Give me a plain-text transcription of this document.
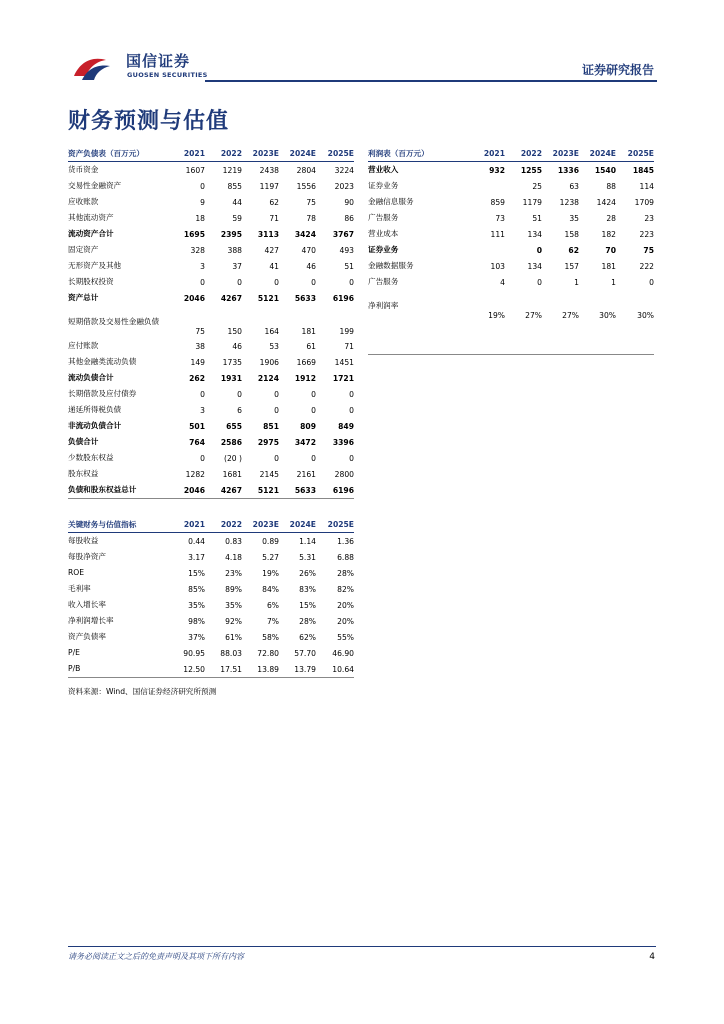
国信证券
GUOSEN SECURITIES	证券研究报告
财务预测与估值
资产负债表（百万元）	2021	2022	2023E	2024E	2025E
货币资金	1607	1219	2438	2804	3224
交易性金融资产	0	855	1197	1556	2023
应收账款	9	44	62	75	90
其他流动资产	18	59	71	78	86
流动资产合计	1695	2395	3113	3424	3767
固定资产	328	388	427	470	493
无形资产及其他	3	37	41	46	51
长期股权投资	0	0	0	0	0
资产总计	2046	4267	5121	5633	6196
短期借款及交易性金融负债	75	150	164	181	199
应付账款	38	46	53	61	71
其他金融类流动负债	149	1735	1906	1669	1451
流动负债合计	262	1931	2124	1912	1721
长期借款及应付债券	0	0	0	0	0
递延所得税负债	3	6	0	0	0
非流动负债合计	501	655	851	809	849
负债合计	764	2586	2975	3472	3396
少数股东权益	0	(20 )	0	0	0
股东权益	1282	1681	2145	2161	2800
负债和股东权益总计	2046	4267	5121	5633	6196
利润表（百万元）	2021	2022	2023E	2024E	2025E
营业收入	932	1255	1336	1540	1845
证券业务		25	63	88	114
金融信息服务	859	1179	1238	1424	1709
广告服务	73	51	35	28	23
营业成本	111	134	158	182	223
证券业务		0	62	70	75
金融数据服务	103	134	157	181	222
广告服务	4	0	1	1	0
净利润率	19%	27%	27%	30%	30%

关键财务与估值指标	2021	2022	2023E	2024E	2025E
每股收益	0.44	0.83	0.89	1.14	1.36
每股净资产	3.17	4.18	5.27	5.31	6.88
ROE	15%	23%	19%	26%	28%
毛利率	85%	89%	84%	83%	82%
收入增长率	35%	35%	6%	15%	20%
净利润增长率	98%	92%	7%	28%	20%
资产负债率	37%	61%	58%	62%	55%
P/E	90.95	88.03	72.80	57.70	46.90
P/B	12.50	17.51	13.89	13.79	10.64
资料来源：Wind、国信证券经济研究所预测
请务必阅读正文之后的免责声明及其项下所有内容	4
